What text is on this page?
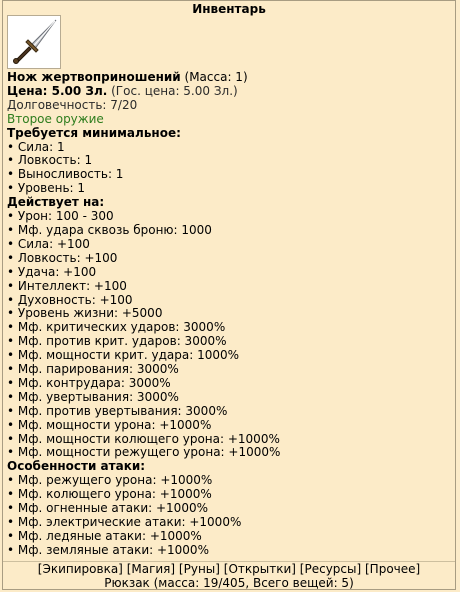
Инвентарь
Нож жертвоприношений (Масса: 1)
Цена: 5.00 Зл. (Гос. цена: 5.00 Зл.)
Долговечность: 7/20
Второе оружие
Требуется минимальное:
• Сила: 1
• Ловкость: 1
• Выносливость: 1
• Уровень: 1
Действует на:
• Урон: 100 - 300
• Мф. удара сквозь броню: 1000
• Сила: +100
• Ловкость: +100
• Удача: +100
• Интеллект: +100
• Духовность: +100
• Уровень жизни: +5000
• Мф. критических ударов: 3000%
• Мф. против крит. ударов: 3000%
• Мф. мощности крит. удара: 1000%
• Мф. парирования: 3000%
• Мф. контрудара: 3000%
• Мф. увертывания: 3000%
• Мф. против увертывания: 3000%
• Мф. мощности урона: +1000%
• Мф. мощности колющего урона: +1000%
• Мф. мощности режущего урона: +1000%
Особенности атаки:
• Мф. режущего урона: +1000%
• Мф. колющего урона: +1000%
• Мф. огненные атаки: +1000%
• Мф. электрические атаки: +1000%
• Мф. ледяные атаки: +1000%
• Мф. земляные атаки: +1000%
[Экипировка] [Магия] [Руны] [Открытки] [Ресурсы] [Прочее]
Рюкзак (масса: 19/405, Всего вещей: 5)
